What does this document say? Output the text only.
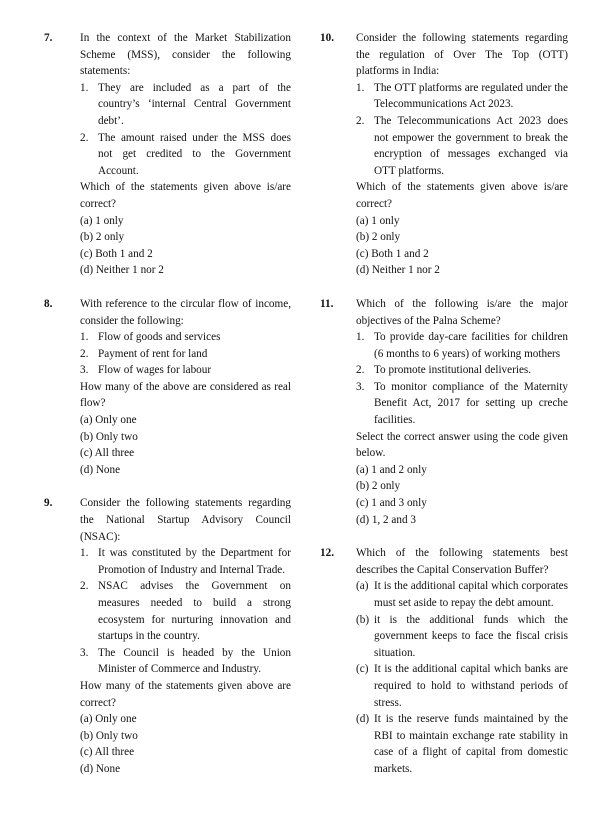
7. In the context of the Market Stabilization Scheme (MSS), consider the following statements:
1. They are included as a part of the country’s ‘internal Central Government debt’.
2. The amount raised under the MSS does not get credited to the Government Account.
Which of the statements given above is/are correct?
(a) 1 only
(b) 2 only
(c) Both 1 and 2
(d) Neither 1 nor 2
8. With reference to the circular flow of income, consider the following:
1. Flow of goods and services
2. Payment of rent for land
3. Flow of wages for labour
How many of the above are considered as real flow?
(a) Only one
(b) Only two
(c) All three
(d) None
9. Consider the following statements regarding the National Startup Advisory Council (NSAC):
1. It was constituted by the Department for Promotion of Industry and Internal Trade.
2. NSAC advises the Government on measures needed to build a strong ecosystem for nurturing innovation and startups in the country.
3. The Council is headed by the Union Minister of Commerce and Industry.
How many of the statements given above are correct?
(a) Only one
(b) Only two
(c) All three
(d) None
10. Consider the following statements regarding the regulation of Over The Top (OTT) platforms in India:
1. The OTT platforms are regulated under the Telecommunications Act 2023.
2. The Telecommunications Act 2023 does not empower the government to break the encryption of messages exchanged via OTT platforms.
Which of the statements given above is/are correct?
(a) 1 only
(b) 2 only
(c) Both 1 and 2
(d) Neither 1 nor 2
11. Which of the following is/are the major objectives of the Palna Scheme?
1. To provide day-care facilities for children (6 months to 6 years) of working mothers
2. To promote institutional deliveries.
3. To monitor compliance of the Maternity Benefit Act, 2017 for setting up creche facilities.
Select the correct answer using the code given below.
(a) 1 and 2 only
(b) 2 only
(c) 1 and 3 only
(d) 1, 2 and 3
12. Which of the following statements best describes the Capital Conservation Buffer?
(a) It is the additional capital which corporates must set aside to repay the debt amount.
(b) it is the additional funds which the government keeps to face the fiscal crisis situation.
(c) It is the additional capital which banks are required to hold to withstand periods of stress.
(d) It is the reserve funds maintained by the RBI to maintain exchange rate stability in case of a flight of capital from domestic markets.
